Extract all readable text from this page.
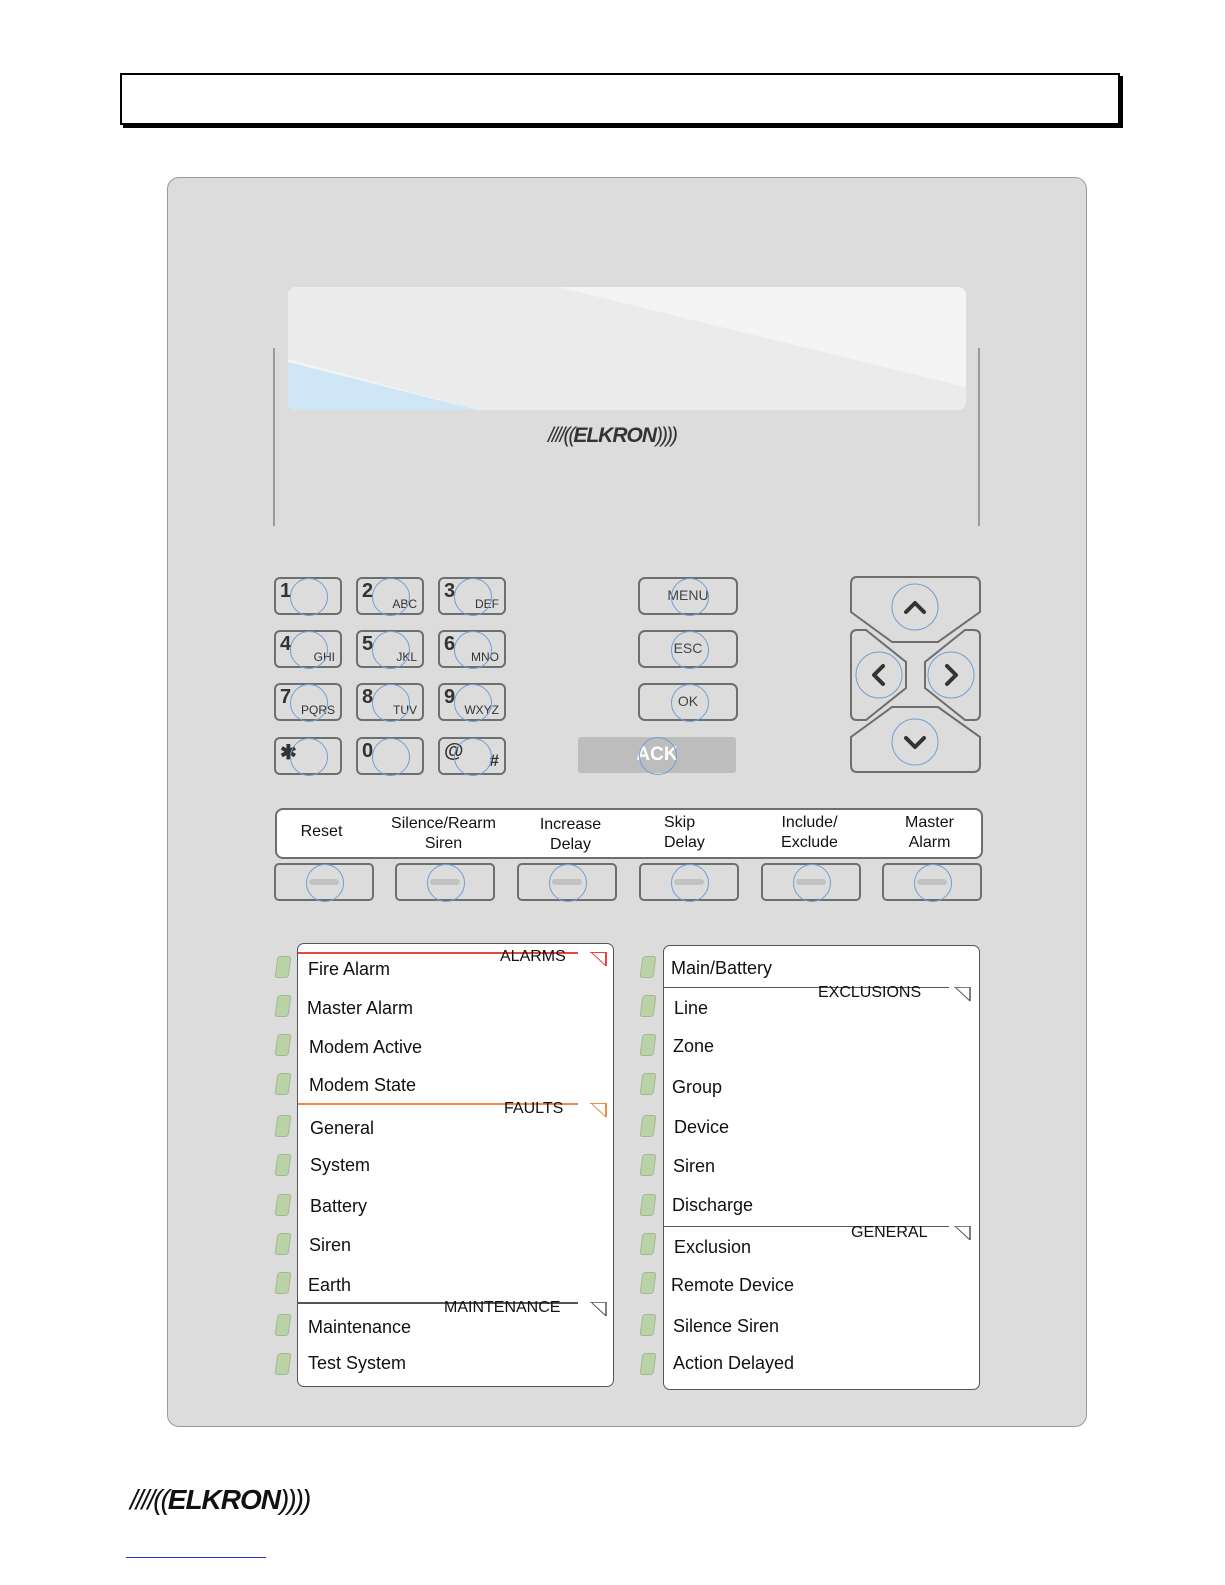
////((ELKRON))))
1	2
ABC
3
DEF
4
GHI
5
JKL
6
MNO
7
PQRS
8
TUV
9
WXYZ
✱	0	@ #
MENU
ESC
OK
ACK
Reset	Silence/Rearm
Siren
Increase
Delay
Skip
Delay
Include/
Exclude
Master
Alarm
ALARMS
FAULTS
MAINTENANCE
Fire Alarm
Master Alarm
Modem Active
Modem State
General
System
Battery
Siren
Earth
Maintenance
Test System
EXCLUSIONS
GENERAL
Main/Battery
Line
Zone
Group
Device
Siren
Discharge
Exclusion
Remote Device
Silence Siren
Action Delayed
////((ELKRON))))
